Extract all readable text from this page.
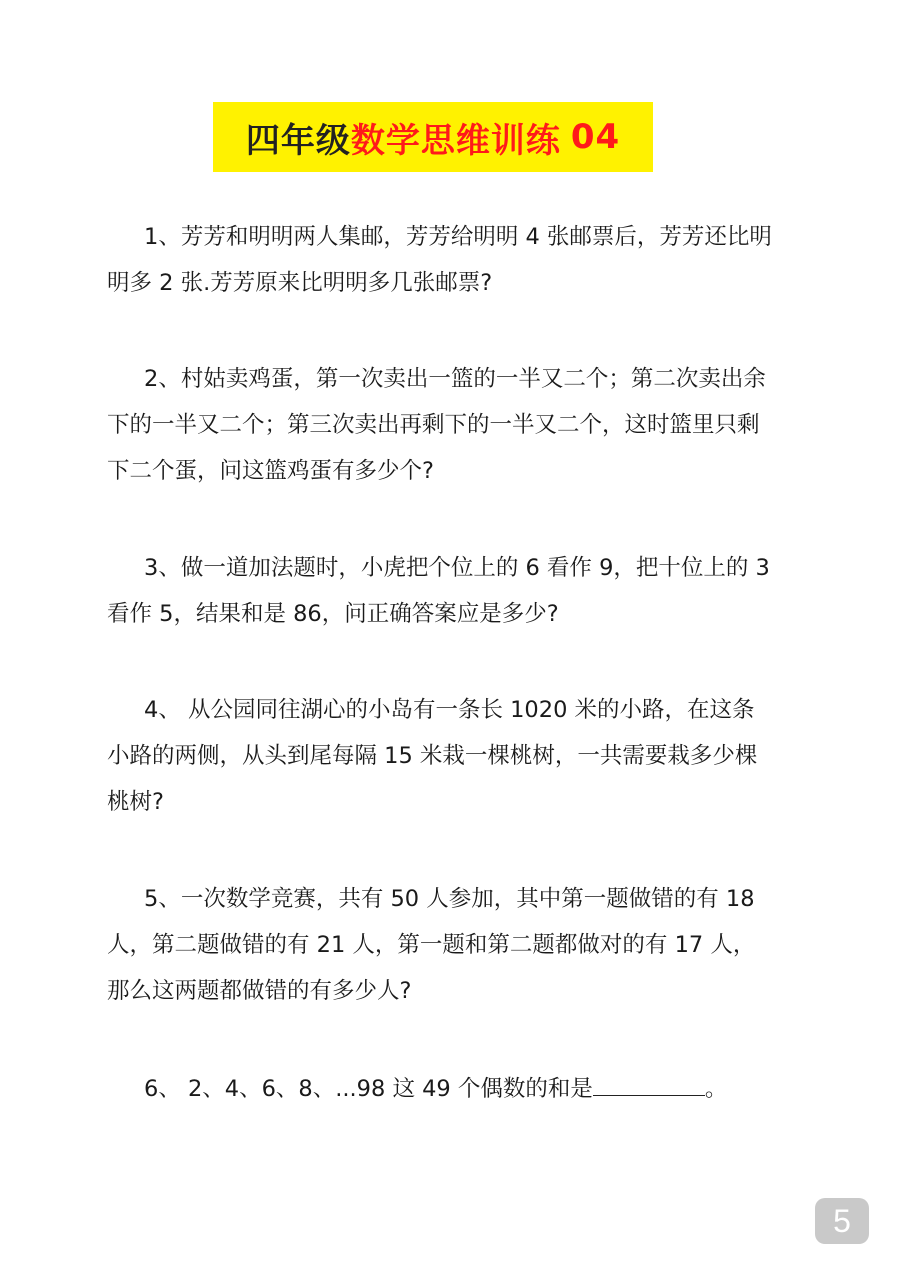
四年级 数学思维训练 04
1、芳芳和明明两人集邮，芳芳给明明 4 张邮票后，芳芳还比明明多 2 张.芳芳原来比明明多几张邮票?
2、村姑卖鸡蛋，第一次卖出一篮的一半又二个；第二次卖出余下的一半又二个；第三次卖出再剩下的一半又二个，这时篮里只剩下二个蛋，问这篮鸡蛋有多少个?
3、做一道加法题时，小虎把个位上的 6 看作 9，把十位上的 3 看作 5，结果和是 86，问正确答案应是多少?
4、 从公园同往湖心的小岛有一条长 1020 米的小路，在这条小路的两侧，从头到尾每隔 15 米栽一棵桃树，一共需要栽多少棵桃树?
5、一次数学竞赛，共有 50 人参加，其中第一题做错的有 18 人，第二题做错的有 21 人，第一题和第二题都做对的有 17 人，那么这两题都做错的有多少人?
6、 2、4、6、8、...98 这 49 个偶数的和是	。
5
